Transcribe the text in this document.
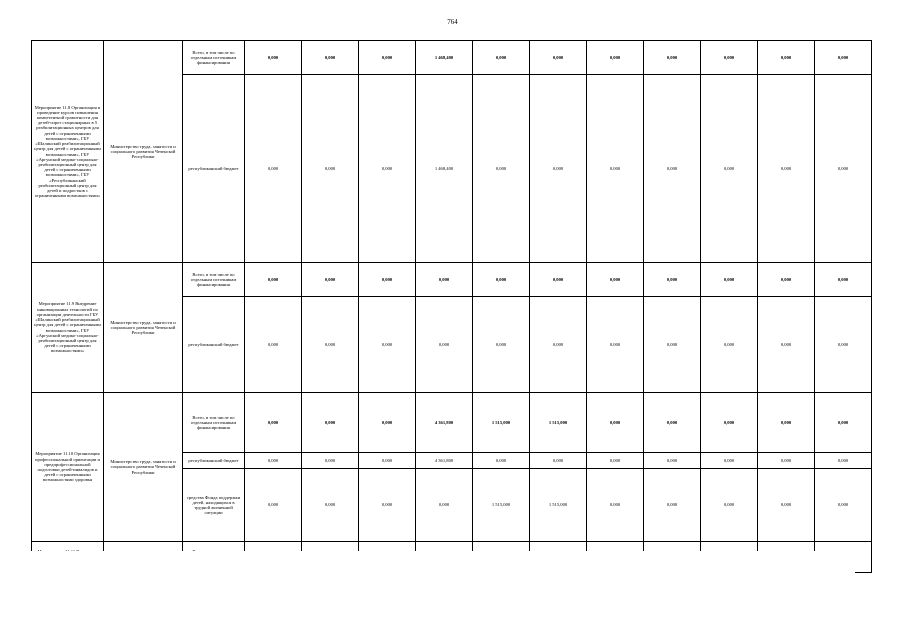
764
Мероприятие 11.8 Организация и проведение курсов повышения компетентной грамотности для детей-сирот стационарных в 5 реабилитационных центров для детей с ограниченными возможностями», ГБУ «Шалинский реабилитационный центр для детей с ограниченными возможностями», ГБУ «Аргунский медико-социально-реабилитационный центр для детей с ограниченными возможностями», ГБУ «Республиканский реабилитационный центр для детей и подростков с ограниченными возможностями»	Министерство труда, занятости и социального развития Чеченской Республики	Всего, в том числе по отдельным источникам финансирования	0,000	0,000	0,000	1 468,400	0,000	0,000	0,000	0,000	0,000	0,000	0,000
		республиканский бюджет	0,000	0,000	0,000	1 468,400	0,000	0,000	0,000	0,000	0,000	0,000	0,000
Мероприятие 11.9 Внедрение инновационных технологий по организации деятельности ГБУ «Шалинский реабилитационный центр для детей с ограниченными возможностями», ГБУ «Аргунский медико-социально-реабилитационный центр для детей с ограниченными возможностями»	Министерство труда, занятости и социального развития Чеченской Республики	Всего, в том числе по отдельным источникам финансирования	0,000	0,000	0,000	0,000	0,000	0,000	0,000	0,000	0,000	0,000	0,000
		республиканский бюджет	0,000	0,000	0,000	0,000	0,000	0,000	0,000	0,000	0,000	0,000	0,000
Мероприятие 11.10 Организация профессиональной ориентации и предпрофессиональной подготовки детей-инвалидов и детей с ограниченными возможностями здоровья	Министерство труда, занятости и социального развития Чеченской Республики	Всего, в том числе по отдельным источникам финансирования	0,000	0,000	0,000	4 361,800	1 515,000	1 515,000	0,000	0,000	0,000	0,000	0,000
		республиканский бюджет	0,000	0,000	0,000	4 361,800	0,000	0,000	0,000	0,000	0,000	0,000	0,000
		средства Фонда поддержки детей, находящихся в трудной жизненной ситуации	0,000	0,000	0,000	0,000	1 515,000	1 515,000	0,000	0,000	0,000	0,000	0,000
